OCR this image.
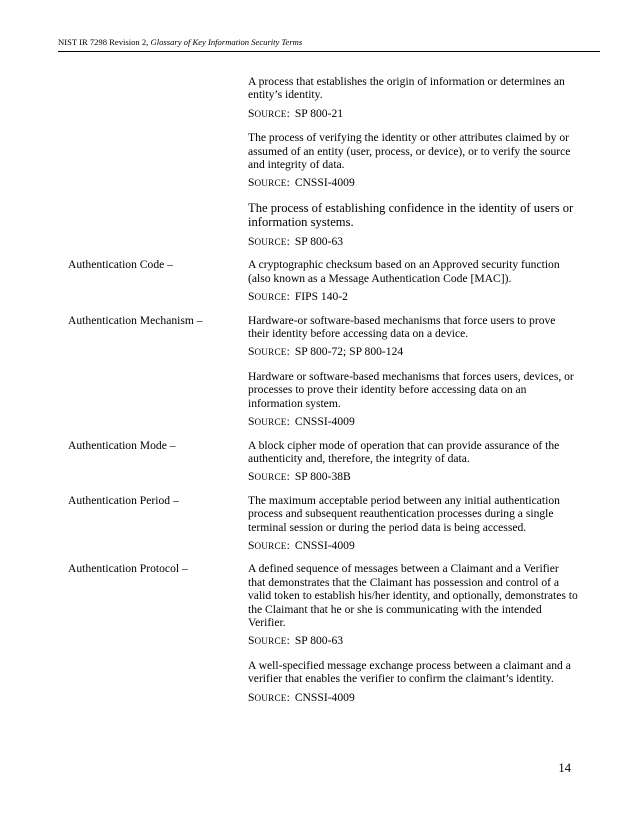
NIST IR 7298 Revision 2, Glossary of Key Information Security Terms

A process that establishes the origin of information or determines an entity’s identity.

SOURCE: SP 800-21

The process of verifying the identity or other attributes claimed by or assumed of an entity (user, process, or device), or to verify the source and integrity of data.

SOURCE: CNSSI-4009

The process of establishing confidence in the identity of users or information systems.

SOURCE: SP 800-63

Authentication Code –	A cryptographic checksum based on an Approved security function (also known as a Message Authentication Code [MAC]).

SOURCE: FIPS 140-2

Authentication Mechanism –	Hardware-or software-based mechanisms that force users to prove their identity before accessing data on a device.

SOURCE: SP 800-72; SP 800-124

Hardware or software-based mechanisms that forces users, devices, or processes to prove their identity before accessing data on an information system.

SOURCE: CNSSI-4009

Authentication Mode –	A block cipher mode of operation that can provide assurance of the authenticity and, therefore, the integrity of data.

SOURCE: SP 800-38B

Authentication Period –	The maximum acceptable period between any initial authentication process and subsequent reauthentication processes during a single terminal session or during the period data is being accessed.

SOURCE: CNSSI-4009

Authentication Protocol –	A defined sequence of messages between a Claimant and a Verifier that demonstrates that the Claimant has possession and control of a valid token to establish his/her identity, and optionally, demonstrates to the Claimant that he or she is communicating with the intended Verifier.

SOURCE: SP 800-63

A well-specified message exchange process between a claimant and a verifier that enables the verifier to confirm the claimant’s identity.

SOURCE: CNSSI-4009

14
